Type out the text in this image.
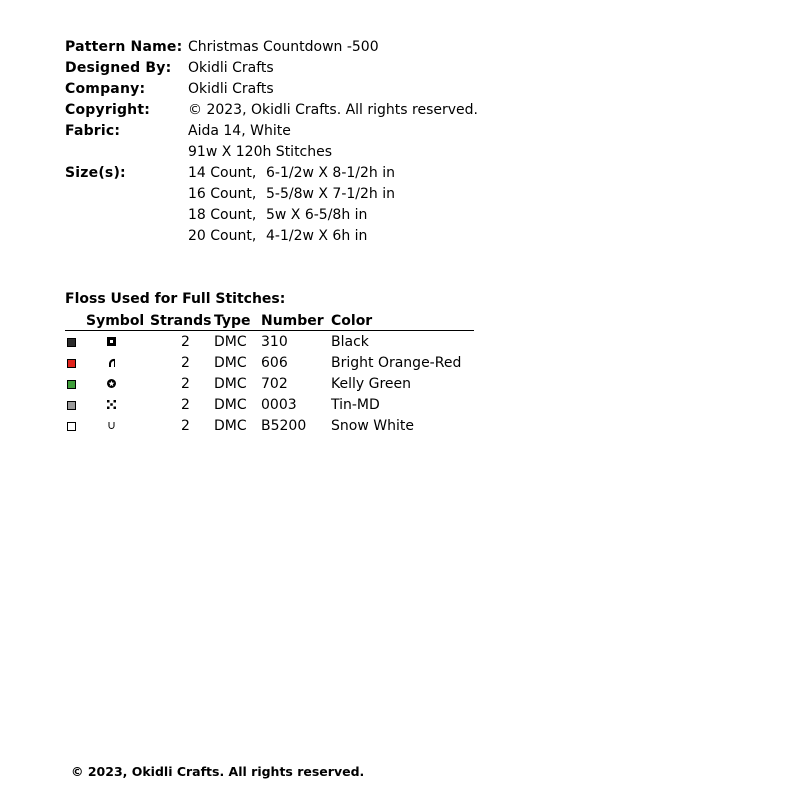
Pattern Name: Christmas Countdown -500
Designed By: Okidli Crafts
Company:	Okidli Crafts
Copyright:	© 2023, Okidli Crafts. All rights reserved.
Fabric:	Aida 14, White
91w X 120h Stitches
Size(s):	14 Count, 6-1/2w X 8-1/2h in
16 Count, 5-5/8w X 7-1/2h in
18 Count, 5w X 6-5/8h in
20 Count, 4-1/2w X 6h in
Floss Used for Full Stitches:
Symbol Strands Type Number Color
2 DMC 310	Black
2 DMC 606	Bright Orange-Red
2 DMC 702	Kelly Green
2 DMC 0003 Tin-MD
2 DMC B5200 Snow White
© 2023, Okidli Crafts. All rights reserved.
